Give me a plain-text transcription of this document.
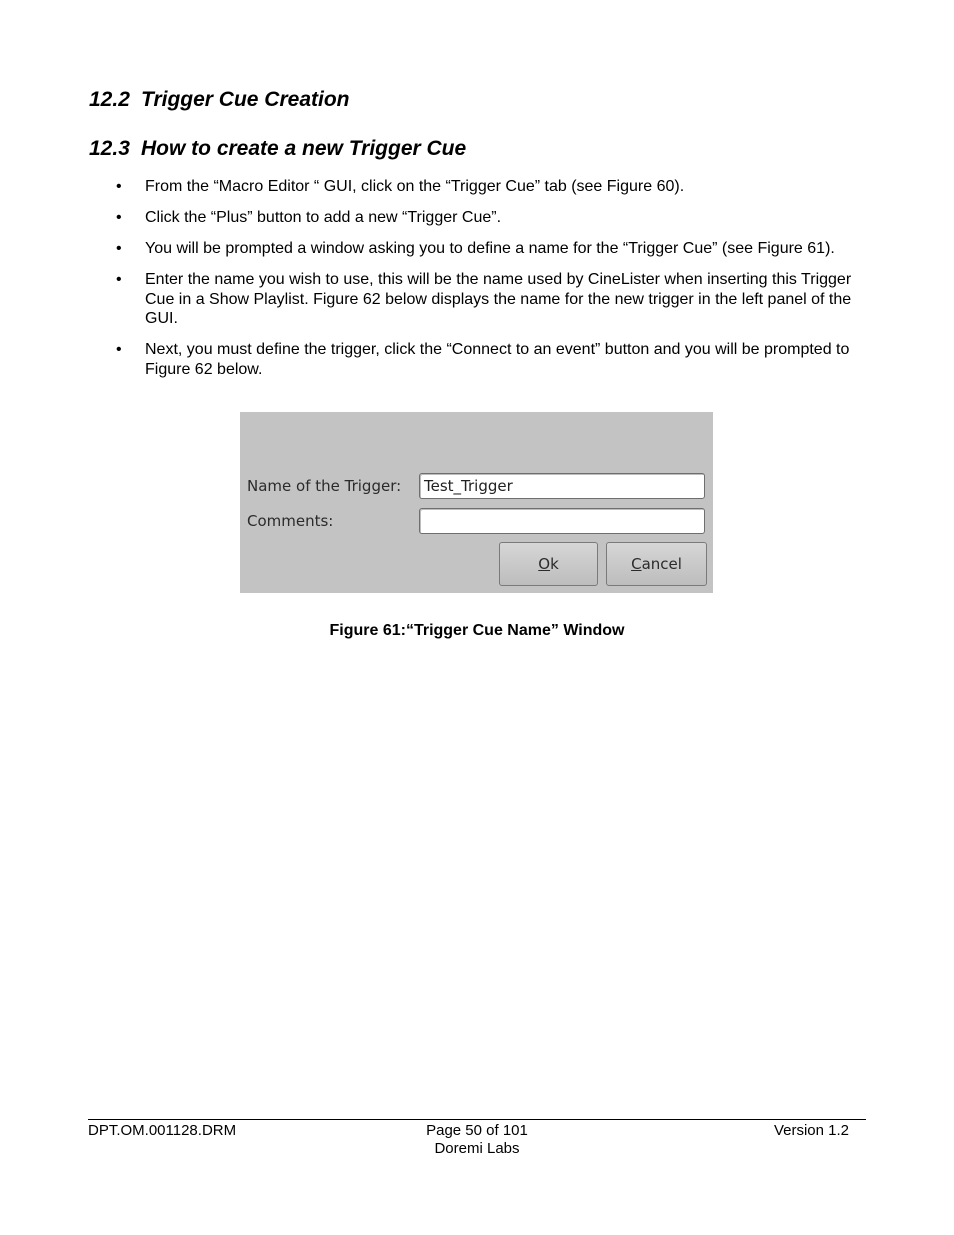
12.2 Trigger Cue Creation
12.3 How to create a new Trigger Cue
• From the “Macro Editor “ GUI, click on the “Trigger Cue” tab (see Figure 60).
• Click the “Plus” button to add a new “Trigger Cue”.
• You will be prompted a window asking you to define a name for the “Trigger Cue” (see Figure 61).
• Enter the name you wish to use, this will be the name used by CineLister when inserting this Trigger Cue in a Show Playlist. Figure 62 below displays the name for the new trigger in the left panel of the GUI.
• Next, you must define the trigger, click the “Connect to an event” button and you will be prompted to Figure 62 below.
Name of the Trigger:	Test_Trigger
Comments:
O k	C ancel
Figure 61:“Trigger Cue Name” Window
DPT.OM.001128.DRM	Page 50 of 101
Doremi Labs
Version 1.2
